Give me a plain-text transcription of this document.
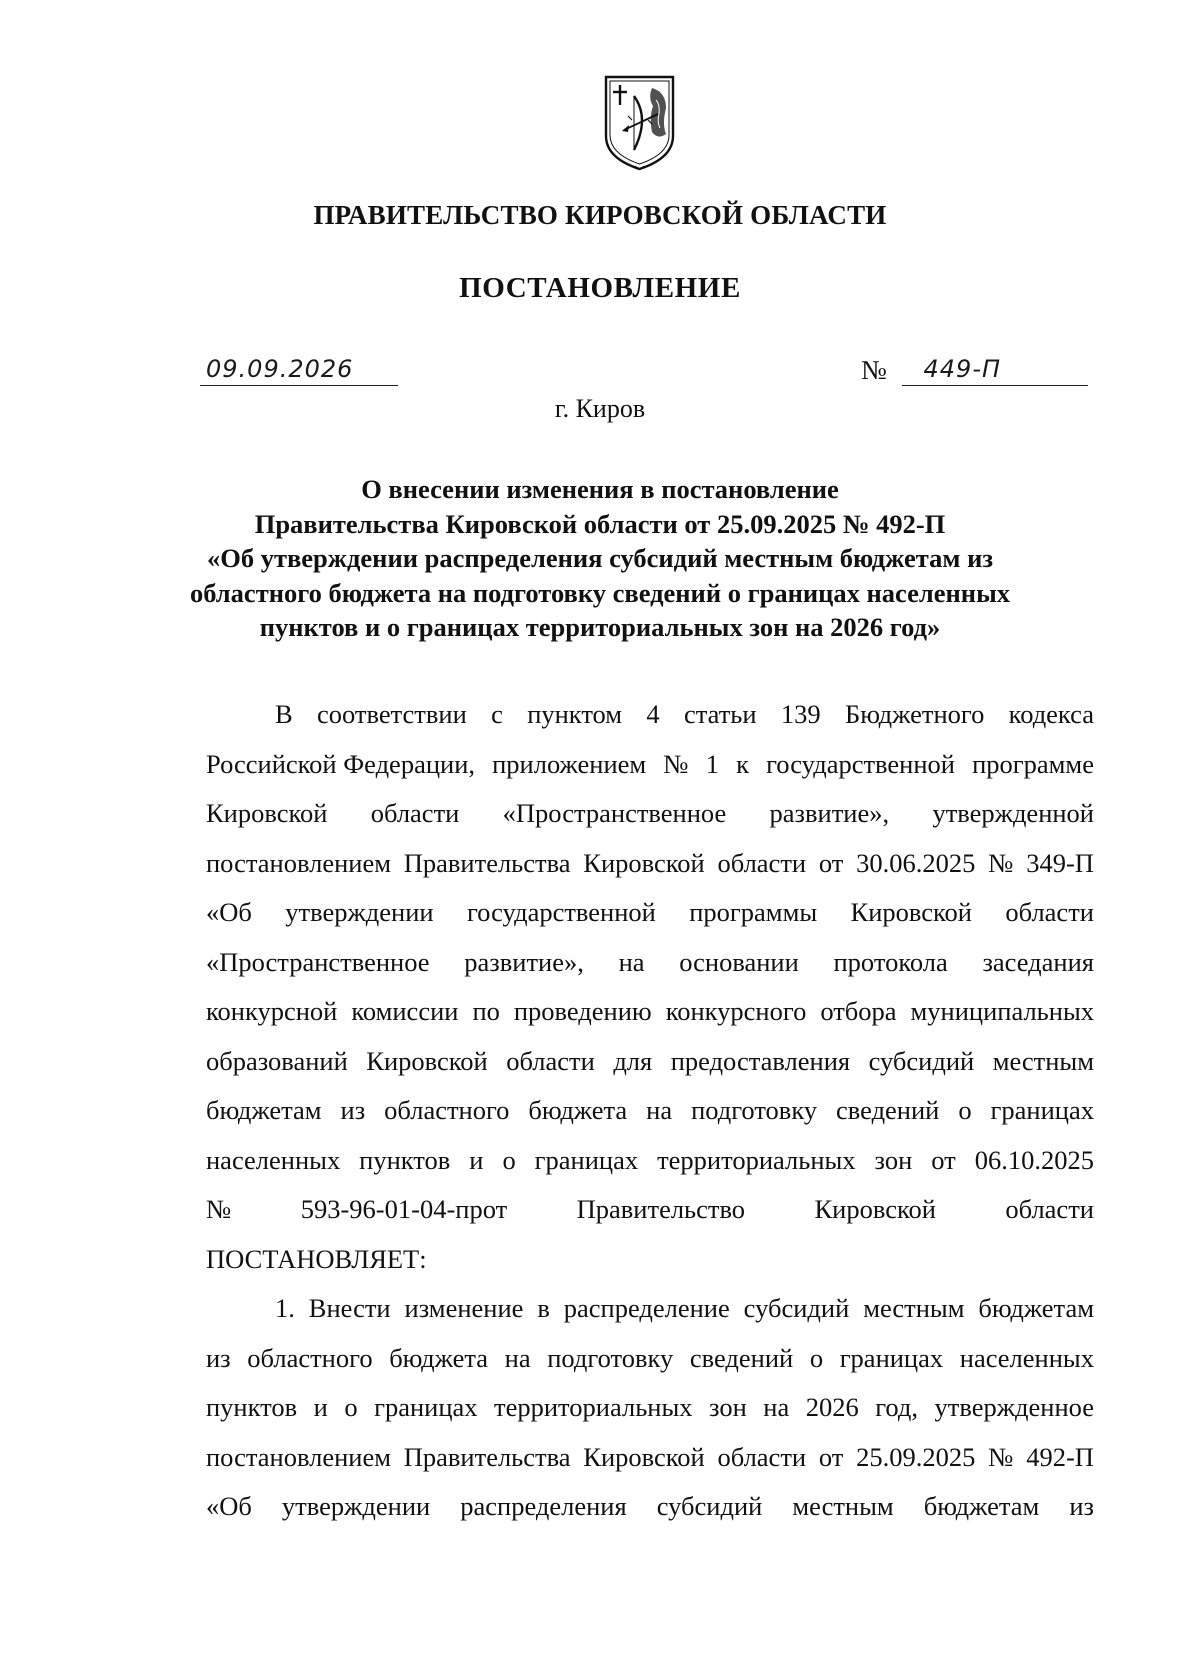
ПРАВИТЕЛЬСТВО КИРОВСКОЙ ОБЛАСТИ
ПОСТАНОВЛЕНИЕ
09.09.2026	№ 449-П
г. Киров
О внесении изменения в постановление
Правительства Кировской области от 25.09.2025 № 492-П
«Об утверждении распределения субсидий местным бюджетам из
областного бюджета на подготовку сведений о границах населенных
пунктов и о границах территориальных зон на 2026 год»
В соответствии с пунктом 4 статьи 139 Бюджетного кодекса
Российской Федерации, приложением № 1 к государственной программе
Кировской области «Пространственное развитие», утвержденной
постановлением Правительства Кировской области от 30.06.2025 № 349-П
«Об утверждении государственной программы Кировской области
«Пространственное развитие», на основании протокола заседания
конкурсной комиссии по проведению конкурсного отбора муниципальных
образований Кировской области для предоставления субсидий местным
бюджетам из областного бюджета на подготовку сведений о границах
населенных пунктов и о границах территориальных зон от 06.10.2025
№	593-96-01-04-прот	Правительство	Кировской	области
ПОСТАНОВЛЯЕТ:
1. Внести изменение в распределение субсидий местным бюджетам
из областного бюджета на подготовку сведений о границах населенных
пунктов и о границах территориальных зон на 2026 год, утвержденное
постановлением Правительства Кировской области от 25.09.2025 № 492-П
«Об утверждении распределения субсидий местным бюджетам из
